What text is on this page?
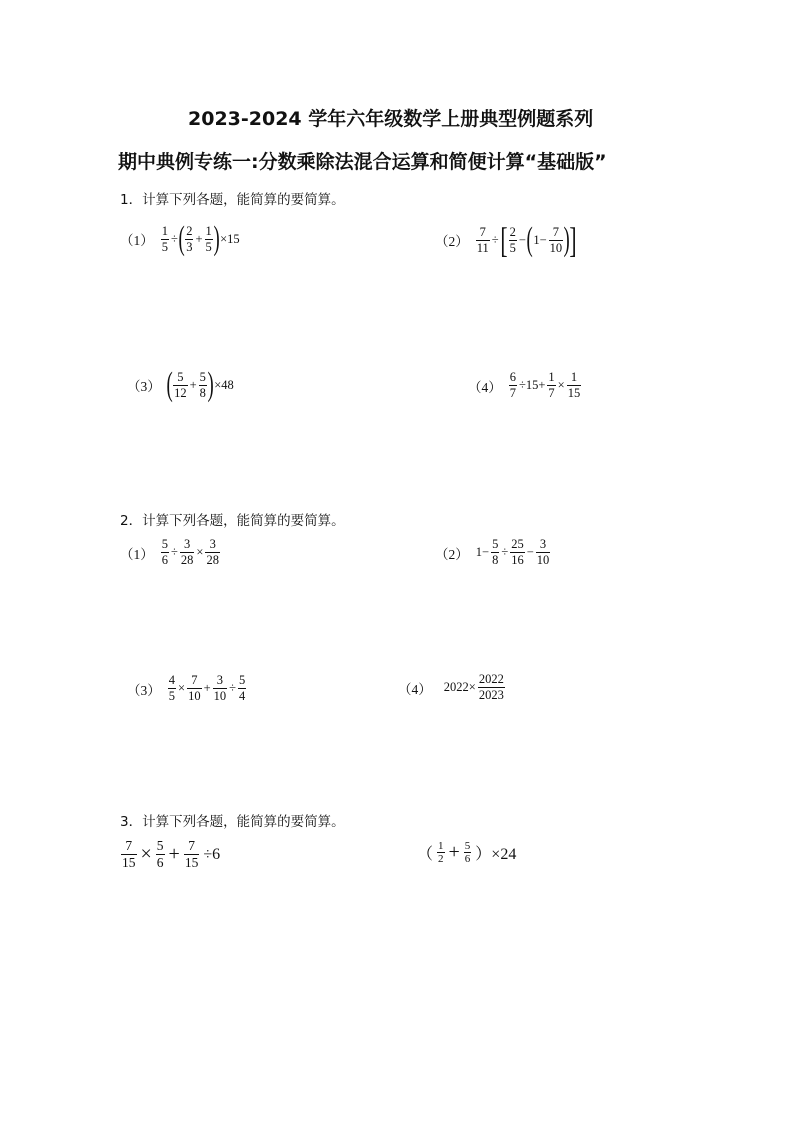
2023-2024 学年六年级数学上册典型例题系列
期中典例专练一:分数乘除法混合运算和简便计算“基础版”
1．计算下列各题，能简算的要简算。
$(1) \frac{1}{5}$ ÷ ( $\frac{2}{3} + \frac{1}{5}$ ) ×15	$(2) \frac{7}{11}$ ÷ [ $\frac{2}{5}$ − ( $1- \frac{7}{10}$ ) ]
（3） ( $\frac{5}{12} + \frac{5}{8}$ ) ×48	$(4) \frac{6}{7} \div 15+ \frac{1}{7} \times \frac{1}{15}$
2．计算下列各题，能简算的要简算。
$(1) \frac{5}{6} \div \frac{3}{28} \times \frac{3}{28}$	（2） $1- \frac{5}{8} \div \frac{25}{16} - \frac{3}{10}$
$(3) \frac{4}{5} \times \frac{7}{10} + \frac{3}{10} \div \frac{5}{4}$	（4） $2022\times \frac{2022}{2023}$
3．计算下列各题，能简算的要简算。
$\frac{7}{15} \times \frac{5}{6} + \frac{7}{15} \div 6$	（ $\frac{1}{2} + \frac{5}{6} )\times 24$
